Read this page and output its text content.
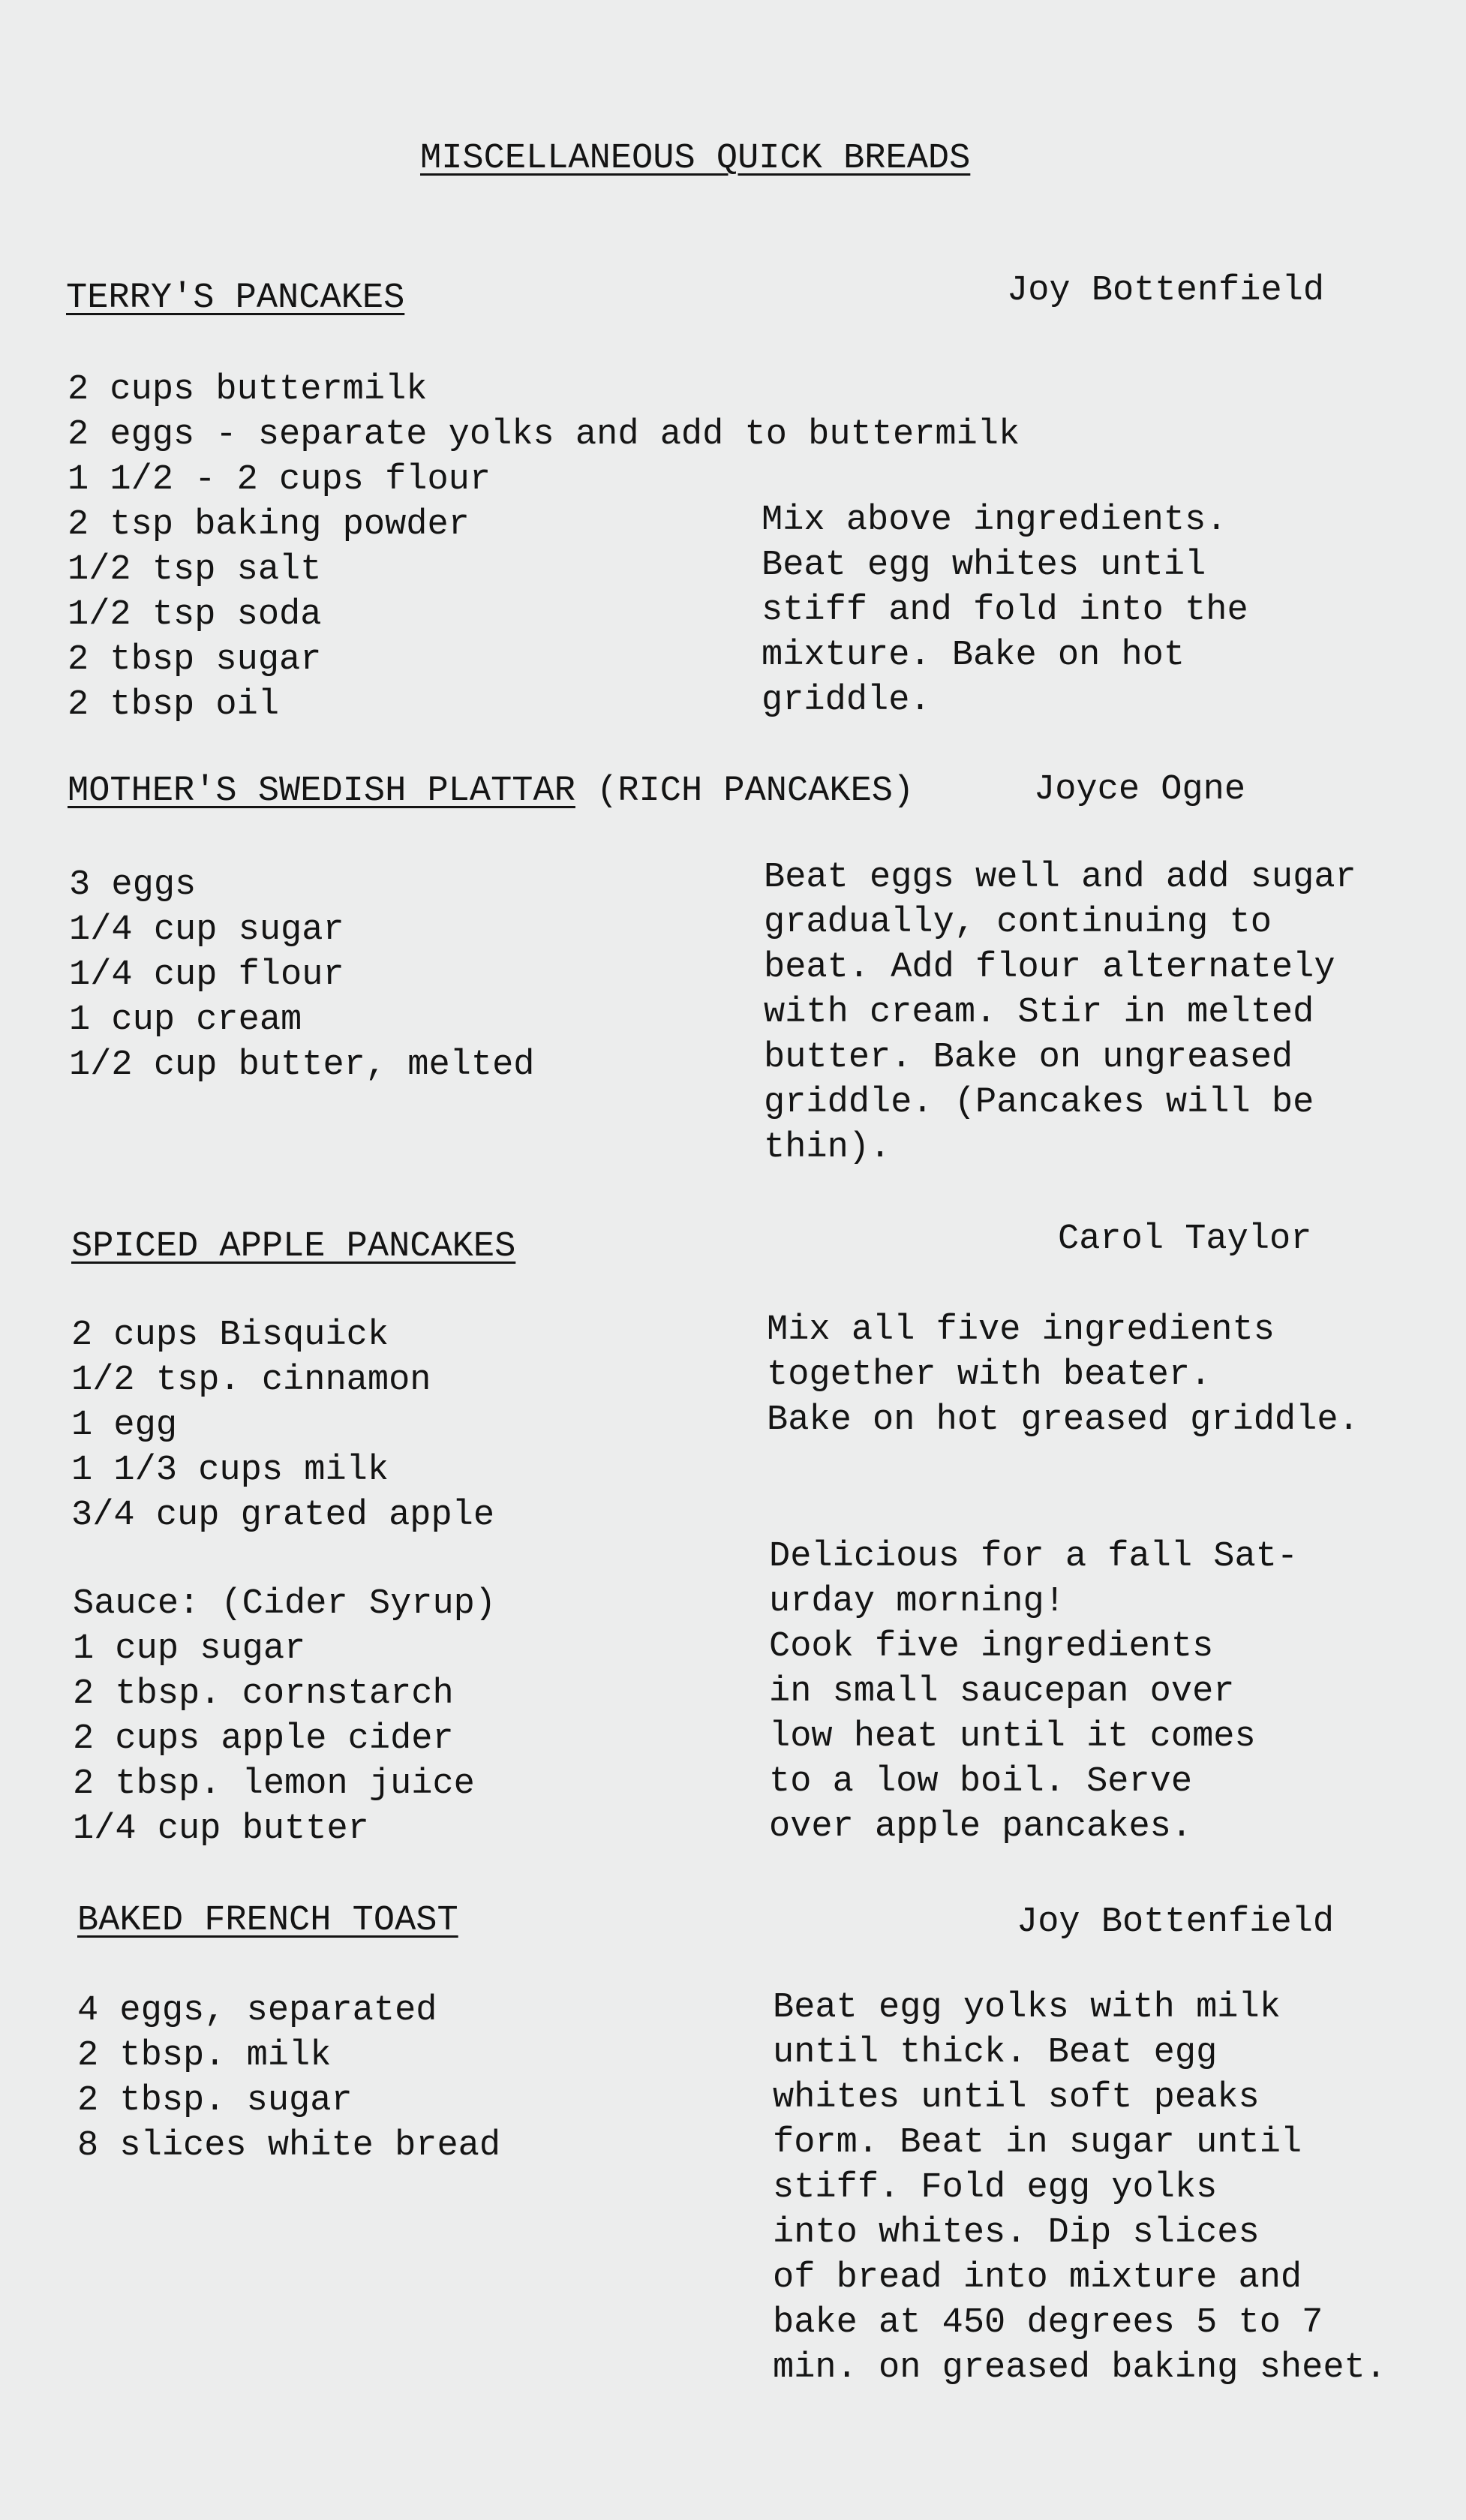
MISCELLANEOUS QUICK BREADS
TERRY'S PANCAKES	Joy Bottenfield
2 cups buttermilk
2 eggs - separate yolks and add to buttermilk
1 1/2 - 2 cups flour
2 tsp baking powder
1/2 tsp salt
1/2 tsp soda
2 tbsp sugar
2 tbsp oil
Mix above ingredients.
Beat egg whites until
stiff and fold into the
mixture. Bake on hot
griddle.
MOTHER'S SWEDISH PLATTAR (RICH PANCAKES)	Joyce Ogne
3 eggs
1/4 cup sugar
1/4 cup flour
1 cup cream
1/2 cup butter, melted
Beat eggs well and add sugar
gradually, continuing to
beat. Add flour alternately
with cream. Stir in melted
butter. Bake on ungreased
griddle. (Pancakes will be
thin).
SPICED APPLE PANCAKES	Carol Taylor
2 cups Bisquick
1/2 tsp. cinnamon
1 egg
1 1/3 cups milk
3/4 cup grated apple
Mix all five ingredients
together with beater.
Bake on hot greased griddle.
Delicious for a fall Sat-
urday morning!
Sauce: (Cider Syrup)
1 cup sugar
2 tbsp. cornstarch
2 cups apple cider
2 tbsp. lemon juice
1/4 cup butter
Cook five ingredients
in small saucepan over
low heat until it comes
to a low boil. Serve
over apple pancakes.
BAKED FRENCH TOAST	Joy Bottenfield
4 eggs, separated
2 tbsp. milk
2 tbsp. sugar
8 slices white bread
Beat egg yolks with milk
until thick. Beat egg
whites until soft peaks
form. Beat in sugar until
stiff. Fold egg yolks
into whites. Dip slices
of bread into mixture and
bake at 450 degrees 5 to 7
min. on greased baking sheet.
